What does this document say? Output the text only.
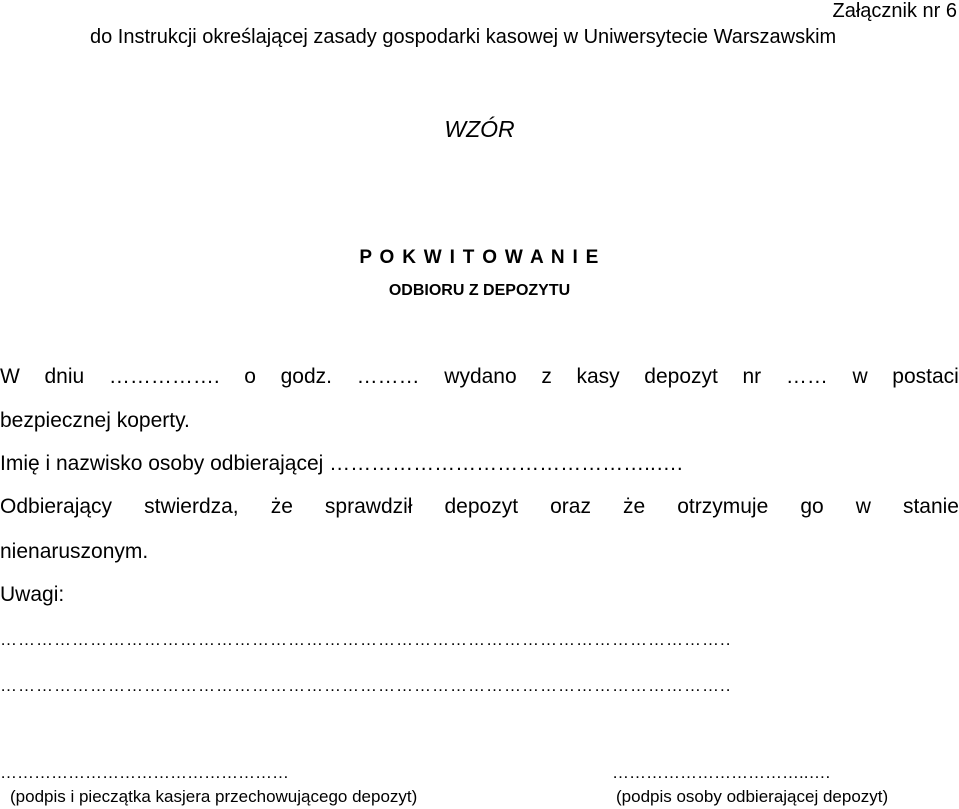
Załącznik nr 6
do Instrukcji określającej zasady gospodarki kasowej w Uniwersytecie Warszawskim
WZÓR
P O K W I T O W A N I E
ODBIORU Z DEPOZYTU
W dniu ……………. o godz. ……… wydano z kasy depozyt nr …… w postaci
bezpiecznej koperty.
Imię i nazwisko osoby odbierającej ………………………………………..….
Odbierający stwierdza, że sprawdził depozyt oraz że otrzymuje go w stanie
nienaruszonym.
Uwagi:
…………………………………………………………………………………………………………..
…………………………………………………………………………………………………………..
……………………………………………	……………………………..….
(podpis i pieczątka kasjera przechowującego depozyt)	(podpis osoby odbierającej depozyt)
